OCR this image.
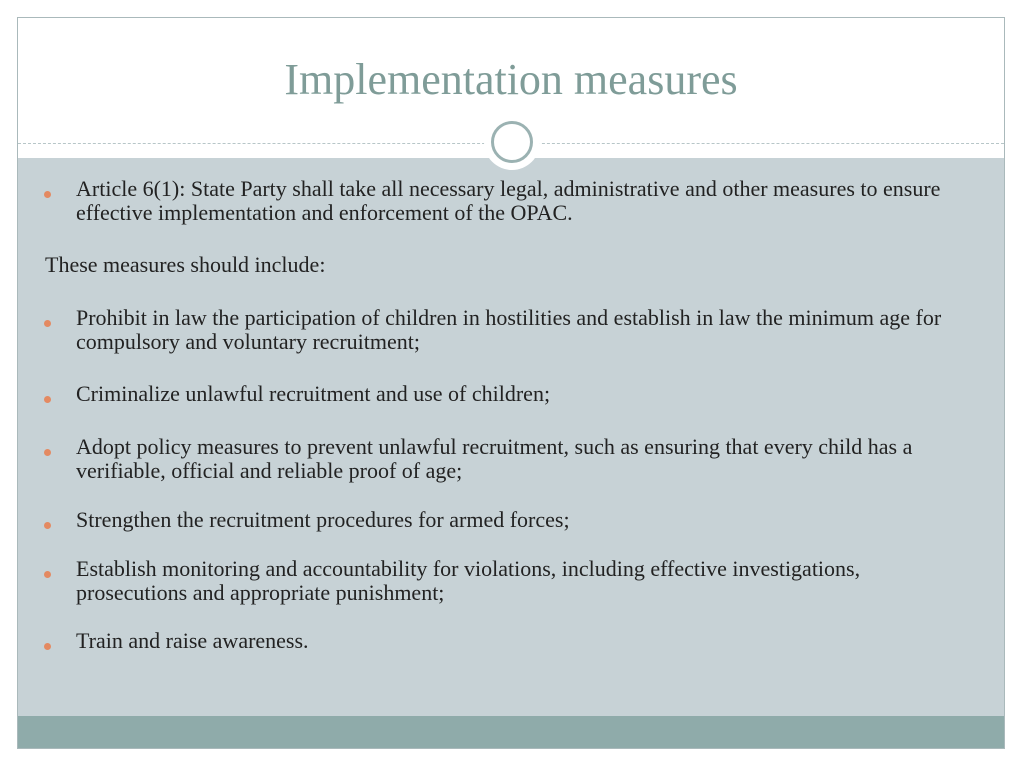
Implementation measures
Article 6(1): State Party shall take all necessary legal, administrative and other measures to ensure effective implementation and enforcement of the OPAC.
These measures should include:
Prohibit in law the participation of children in hostilities and establish in law the minimum age for compulsory and voluntary recruitment;
Criminalize unlawful recruitment and use of children;
Adopt policy measures to prevent unlawful recruitment, such as ensuring that every child has a verifiable, official and reliable proof of age;
Strengthen the recruitment procedures for armed forces;
Establish monitoring and accountability for violations, including effective investigations, prosecutions and appropriate punishment;
Train and raise awareness.
